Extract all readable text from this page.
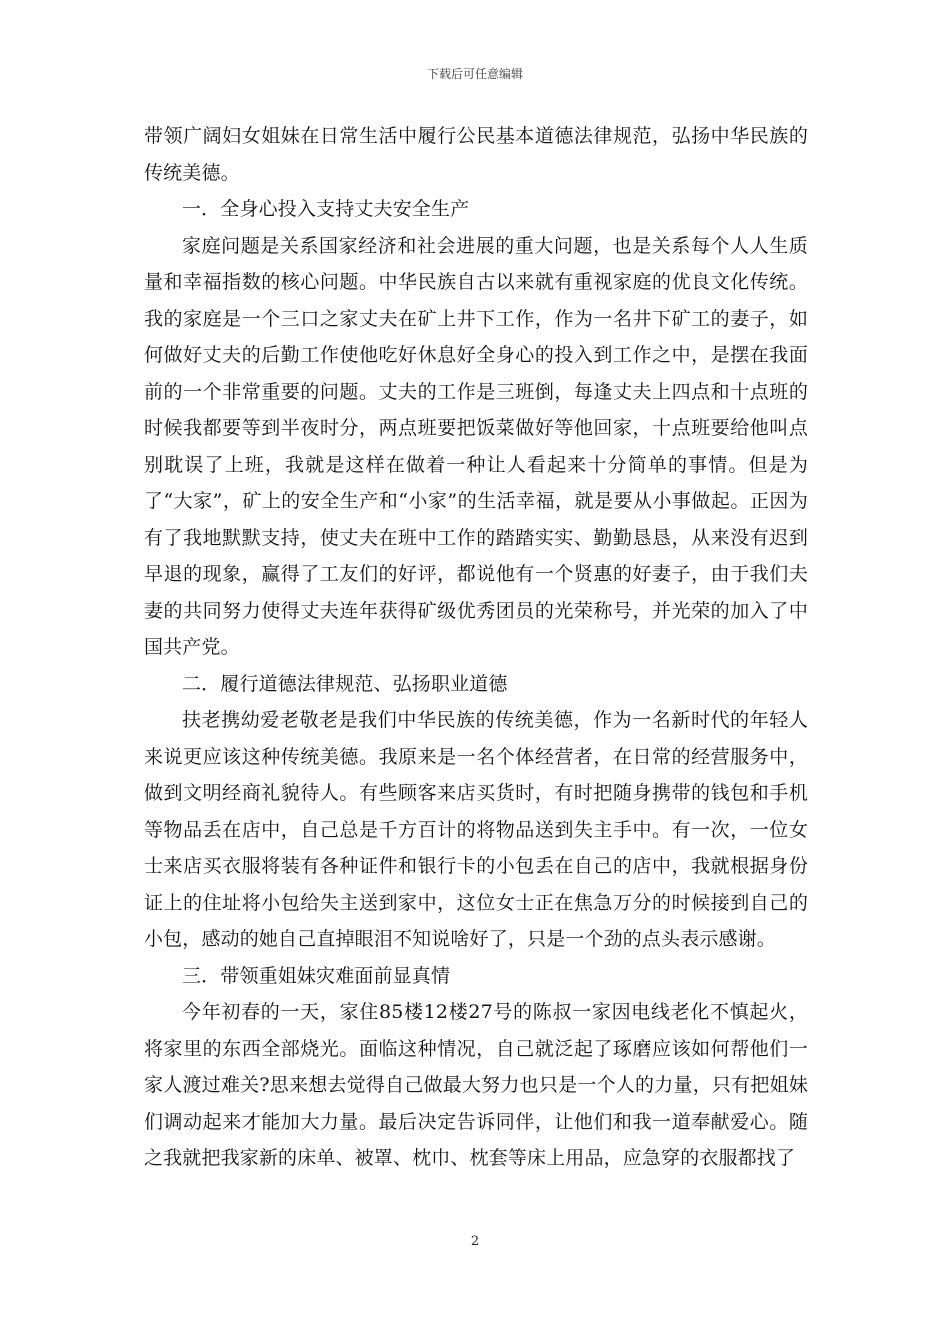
下载后可任意编辑

带领广阔妇女姐妹在日常生活中履行公民基本道德法律规范，弘扬中华民族的传统美德。

一．全身心投入支持丈夫安全生产

家庭问题是关系国家经济和社会进展的重大问题，也是关系每个人人生质量和幸福指数的核心问题。中华民族自古以来就有重视家庭的优良文化传统。我的家庭是一个三口之家丈夫在矿上井下工作，作为一名井下矿工的妻子，如何做好丈夫的后勤工作使他吃好休息好全身心的投入到工作之中，是摆在我面前的一个非常重要的问题。丈夫的工作是三班倒，每逢丈夫上四点和十点班的时候我都要等到半夜时分，两点班要把饭菜做好等他回家，十点班要给他叫点别耽误了上班，我就是这样在做着一种让人看起来十分简单的事情。但是为了“大家”，矿上的安全生产和“小家”的生活幸福，就是要从小事做起。正因为有了我地默默支持，使丈夫在班中工作的踏踏实实、勤勤恳恳，从来没有迟到早退的现象，赢得了工友们的好评，都说他有一个贤惠的好妻子，由于我们夫妻的共同努力使得丈夫连年获得矿级优秀团员的光荣称号，并光荣的加入了中国共产党。

二．履行道德法律规范、弘扬职业道德

扶老携幼爱老敬老是我们中华民族的传统美德，作为一名新时代的年轻人来说更应该这种传统美德。我原来是一名个体经营者，在日常的经营服务中，做到文明经商礼貌待人。有些顾客来店买货时，有时把随身携带的钱包和手机等物品丢在店中，自己总是千方百计的将物品送到失主手中。有一次，一位女士来店买衣服将装有各种证件和银行卡的小包丢在自己的店中，我就根据身份证上的住址将小包给失主送到家中，这位女士正在焦急万分的时候接到自己的小包，感动的她自己直掉眼泪不知说啥好了，只是一个劲的点头表示感谢。

三．带领重姐妹灾难面前显真情

今年初春的一天，家住85楼12楼27号的陈叔一家因电线老化不慎起火，将家里的东西全部烧光。面临这种情况，自己就泛起了琢磨应该如何帮他们一家人渡过难关?思来想去觉得自己做最大努力也只是一个人的力量，只有把姐妹们调动起来才能加大力量。最后决定告诉同伴，让他们和我一道奉献爱心。随之我就把我家新的床单、被罩、枕巾、枕套等床上用品，应急穿的衣服都找了

2
